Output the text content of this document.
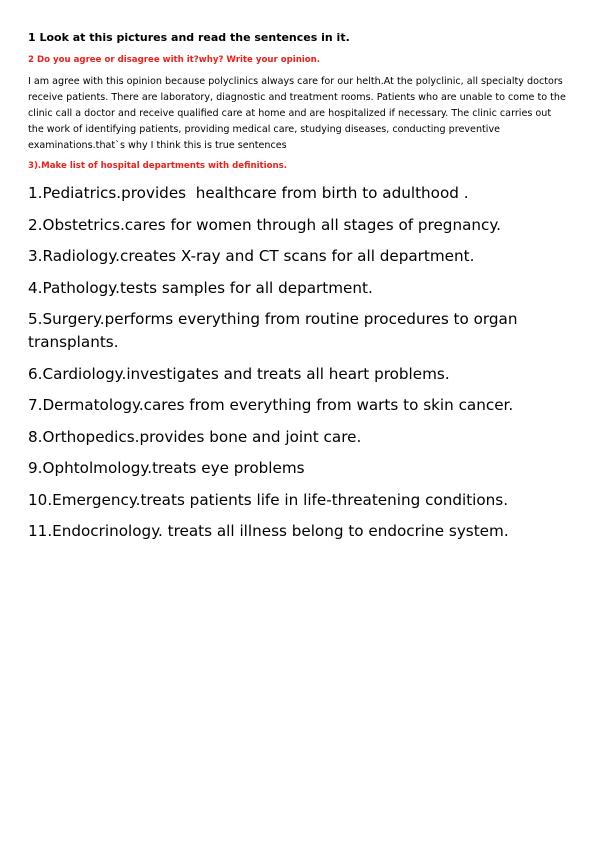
1 Look at this pictures and read the sentences in it.

2 Do you agree or disagree with it?why? Write your opinion.

I am agree with this opinion because polyclinics always care for our helth.At the polyclinic, all specialty doctors receive patients. There are laboratory, diagnostic and treatment rooms. Patients who are unable to come to the clinic call a doctor and receive qualified care at home and are hospitalized if necessary. The clinic carries out the work of identifying patients, providing medical care, studying diseases, conducting preventive examinations.that`s why I think this is true sentences

3).Make list of hospital departments with definitions.

1.Pediatrics.provides  healthcare from birth to adulthood .
2.Obstetrics.cares for women through all stages of pregnancy.
3.Radiology.creates X-ray and CT scans for all department.
4.Pathology.tests samples for all department.
5.Surgery.performs everything from routine procedures to organ transplants.
6.Cardiology.investigates and treats all heart problems.
7.Dermatology.cares from everything from warts to skin cancer.
8.Orthopedics.provides bone and joint care.
9.Ophtolmology.treats eye problems
10.Emergency.treats patients life in life-threatening conditions.
11.Endocrinology. treats all illness belong to endocrine system.
